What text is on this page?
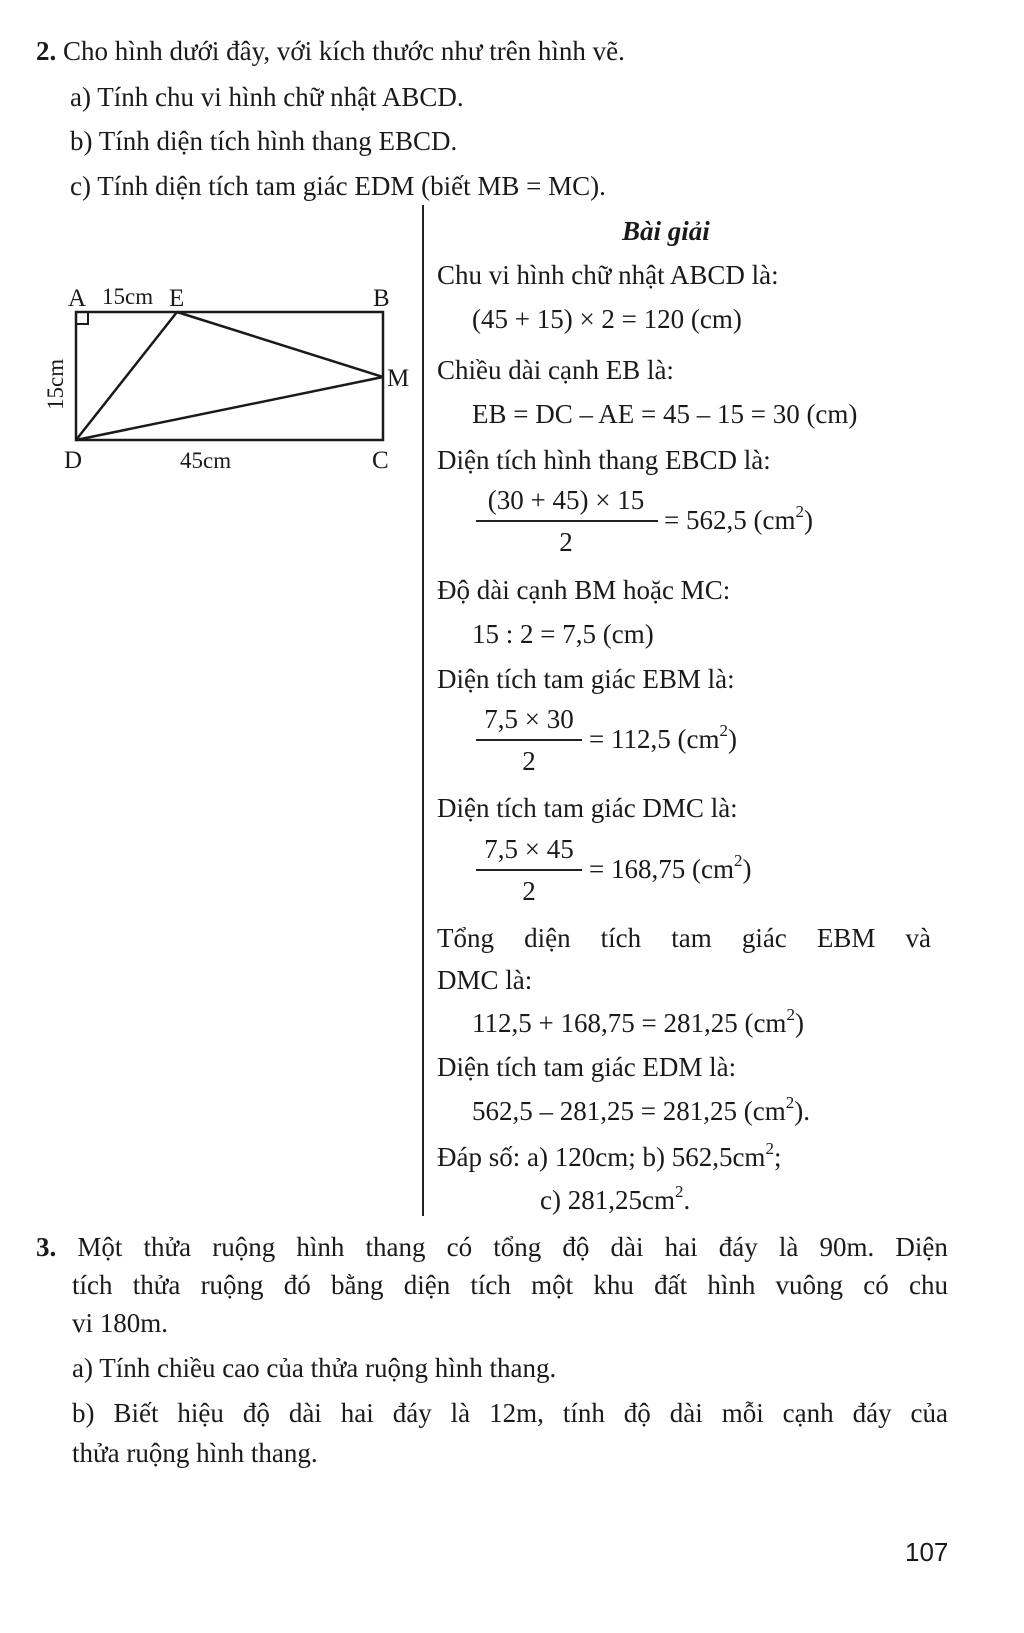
2. Cho hình dưới đây, với kích thước như trên hình vẽ.
a) Tính chu vi hình chữ nhật ABCD.
b) Tính diện tích hình thang EBCD.
c) Tính diện tích tam giác EDM (biết MB = MC).
A 15cm E	B
M
D	45cm	C
15cm
Bài giải
Chu vi hình chữ nhật ABCD là:
(45 + 15) × 2 = 120 (cm)
Chiều dài cạnh EB là:
EB = DC – AE = 45 – 15 = 30 (cm)
Diện tích hình thang EBCD là:
(30 + 45) × 15
2
= 562,5 $(cm^2)$
Độ dài cạnh BM hoặc MC:
15 : 2 = 7,5 (cm)
Diện tích tam giác EBM là:
7,5 × 30
2
= 112,5 $(cm^2)$
Diện tích tam giác DMC là:
7,5 × 45
2
= 168,75 $(cm^2)$
Tổng diện tích tam giác EBM và
DMC là:
112,5 + 168,75 = 281,25 $(cm^2)$
Diện tích tam giác EDM là:
562,5 – 281,25 = 281,25 $(cm^2)$.
Đáp số: a) 120cm; b) $562,5cm^2$;
c) $281,25cm^2$.
3. Một thửa ruộng hình thang có tổng độ dài hai đáy là 90m. Diện
tích thửa ruộng đó bằng diện tích một khu đất hình vuông có chu
vi 180m.
a) Tính chiều cao của thửa ruộng hình thang.
b) Biết hiệu độ dài hai đáy là 12m, tính độ dài mỗi cạnh đáy của
thửa ruộng hình thang.
107
